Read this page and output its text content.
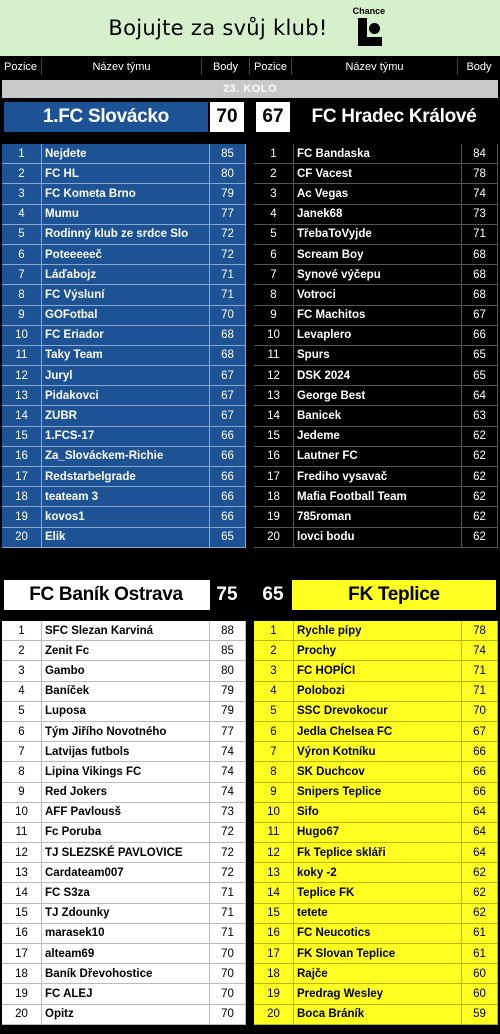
Bojujte za svůj klub!
Chance
Pozice	Název týmu	Body	Pozice	Název týmu	Body
23. KOLO
1.FC Slovácko	70	67	FC Hradec Králové
1	Nejdete	85
2	FC HL	80
3	FC Kometa Brno	79
4	Mumu	77
5	Rodinný klub ze srdce Slo	72
6	Poteeeeeč	72
7	Láďabojz	71
8	FC Výsluní	71
9	GOFotbal	70
10	FC Eriador	68
11	Taky Team	68
12	Juryl	67
13	Pidakovci	67
14	ZUBR	67
15	1.FCS-17	66
16	Za_Slováckem-Richie	66
17	Redstarbelgrade	66
18	teateam 3	66
19	kovos1	66
20	Elik	65
1	FC Bandaska	84
2	CF Vacest	78
3	Ac Vegas	74
4	Janek68	73
5	TřebaToVyjde	71
6	Scream Boy	68
7	Synové výčepu	68
8	Votroci	68
9	FC Machitos	67
10	Levaplero	66
11	Spurs	65
12	DSK 2024	65
13	George Best	64
14	Banicek	63
15	Jedeme	62
16	Lautner FC	62
17	Frediho vysavač	62
18	Mafia Football Team	62
19	785roman	62
20	lovci bodu	62
FC Baník Ostrava	75	65	FK Teplice
1	SFC Slezan Karviná	88
2	Zenit Fc	85
3	Gambo	80
4	Baníček	79
5	Luposa	79
6	Tým Jiřího Novotného	77
7	Latvijas futbols	74
8	Lipina Vikings FC	74
9	Red Jokers	74
10	AFF Pavlousš	73
11	Fc Poruba	72
12	TJ SLEZSKÉ PAVLOVICE	72
13	Cardateam007	72
14	FC S3za	71
15	TJ Zdounky	71
16	marasek10	71
17	alteam69	70
18	Baník Dřevohostice	70
19	FC ALEJ	70
20	Opitz	70
1	Rychle pípy	78
2	Prochy	74
3	FC HOPÍCI	71
4	Polobozi	71
5	SSC Drevokocur	70
6	Jedla Chelsea FC	67
7	Výron Kotníku	66
8	SK Duchcov	66
9	Snipers Teplice	66
10	Sifo	64
11	Hugo67	64
12	Fk Teplice skláři	64
13	koky -2	62
14	Teplice FK	62
15	tetete	62
16	FC Neucotics	61
17	FK Slovan Teplice	61
18	Rajče	60
19	Predrag Wesley	60
20	Boca Bráník	59
